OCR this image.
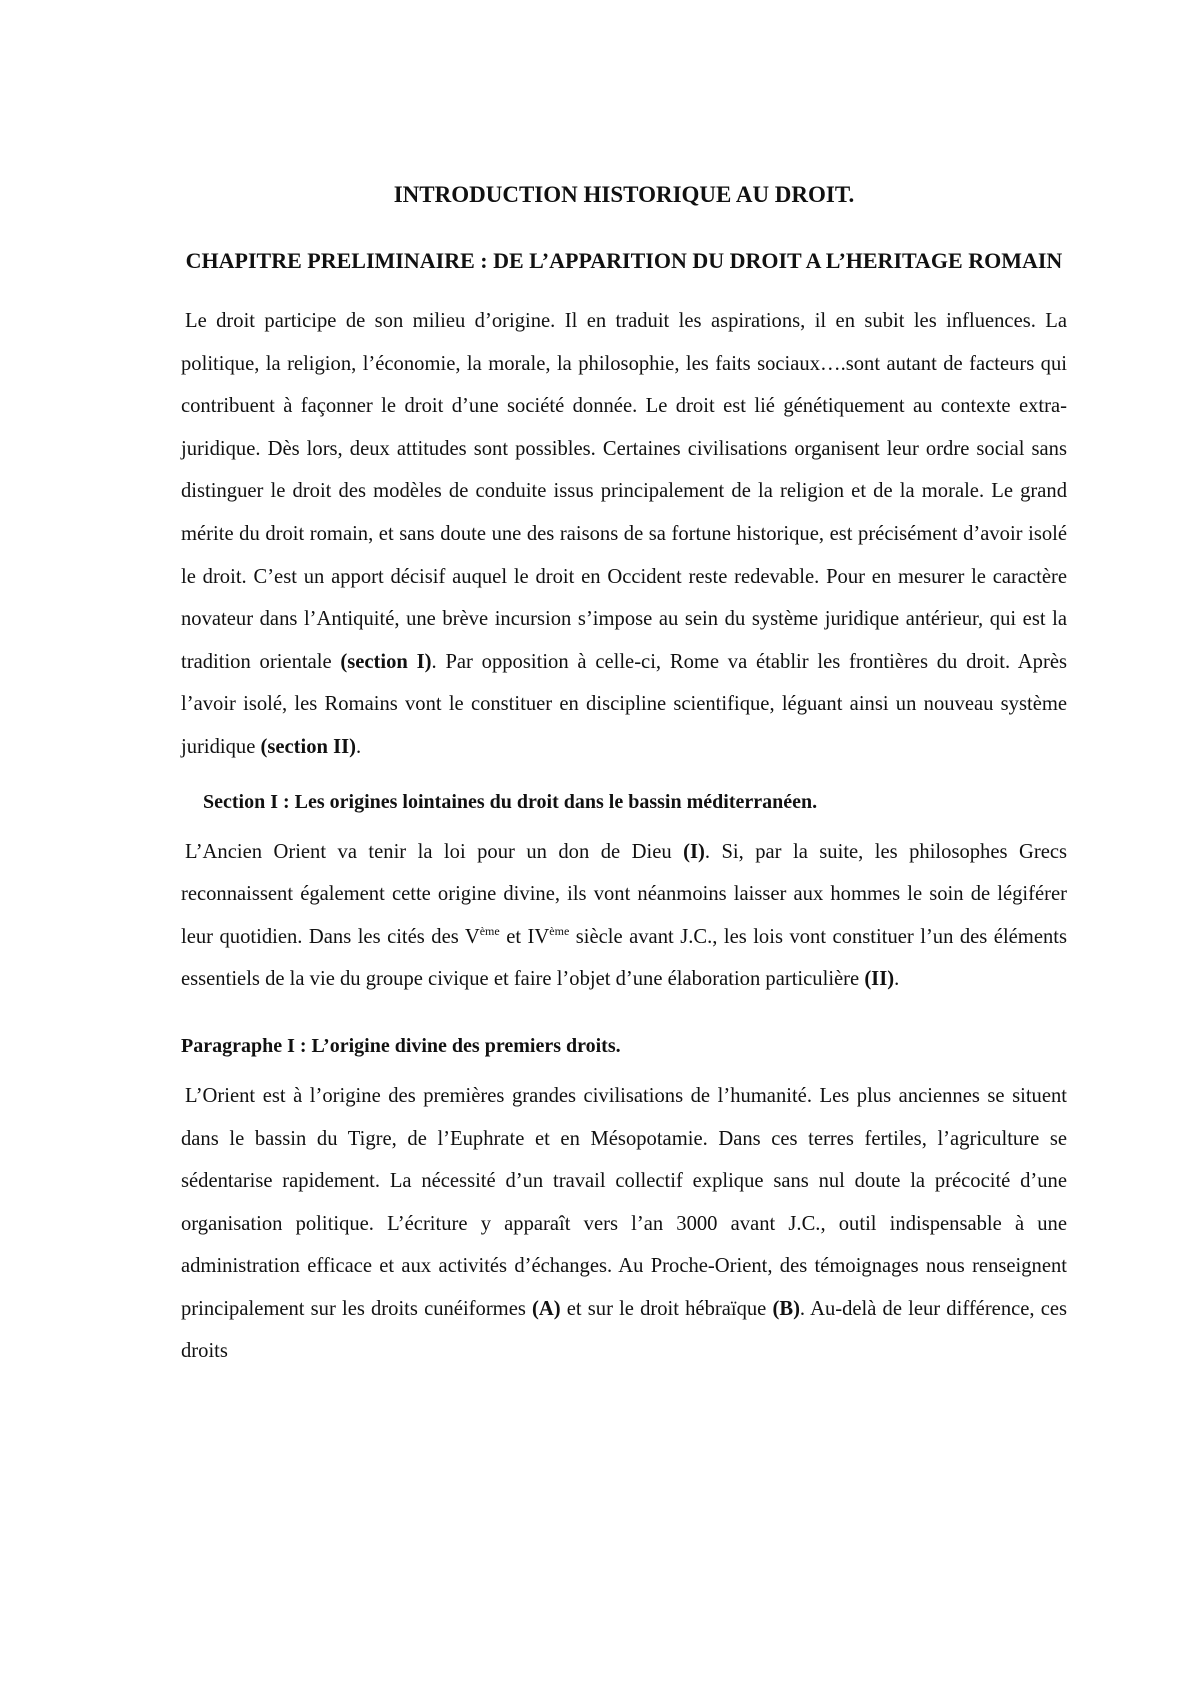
INTRODUCTION HISTORIQUE AU DROIT.
CHAPITRE PRELIMINAIRE : DE L’APPARITION DU DROIT A L’HERITAGE ROMAIN

Le droit participe de son milieu d’origine. Il en traduit les aspirations, il en subit les influences. La politique, la religion, l’économie, la morale, la philosophie, les faits sociaux….sont autant de facteurs qui contribuent à façonner le droit d’une société donnée. Le droit est lié génétiquement au contexte extra-juridique. Dès lors, deux attitudes sont possibles. Certaines civilisations organisent leur ordre social sans distinguer le droit des modèles de conduite issus principalement de la religion et de la morale. Le grand mérite du droit romain, et sans doute une des raisons de sa fortune historique, est précisément d’avoir isolé le droit. C’est un apport décisif auquel le droit en Occident reste redevable. Pour en mesurer le caractère novateur dans l’Antiquité, une brève incursion s’impose au sein du système juridique antérieur, qui est la tradition orientale (section I). Par opposition à celle-ci, Rome va établir les frontières du droit. Après l’avoir isolé, les Romains vont le constituer en discipline scientifique, léguant ainsi un nouveau système juridique (section II).

Section I : Les origines lointaines du droit dans le bassin méditerranéen.

L’Ancien Orient va tenir la loi pour un don de Dieu (I). Si, par la suite, les philosophes Grecs reconnaissent également cette origine divine, ils vont néanmoins laisser aux hommes le soin de légiférer leur quotidien. Dans les cités des Vème et IVème siècle avant J.C., les lois vont constituer l’un des éléments essentiels de la vie du groupe civique et faire l’objet d’une élaboration particulière (II).

Paragraphe I : L’origine divine des premiers droits.

L’Orient est à l’origine des premières grandes civilisations de l’humanité. Les plus anciennes se situent dans le bassin du Tigre, de l’Euphrate et en Mésopotamie. Dans ces terres fertiles, l’agriculture se sédentarise rapidement. La nécessité d’un travail collectif explique sans nul doute la précocité d’une organisation politique. L’écriture y apparaît vers l’an 3000 avant J.C., outil indispensable à une administration efficace et aux activités d’échanges. Au Proche-Orient, des témoignages nous renseignent principalement sur les droits cunéiformes (A) et sur le droit hébraïque (B). Au-delà de leur différence, ces droits
